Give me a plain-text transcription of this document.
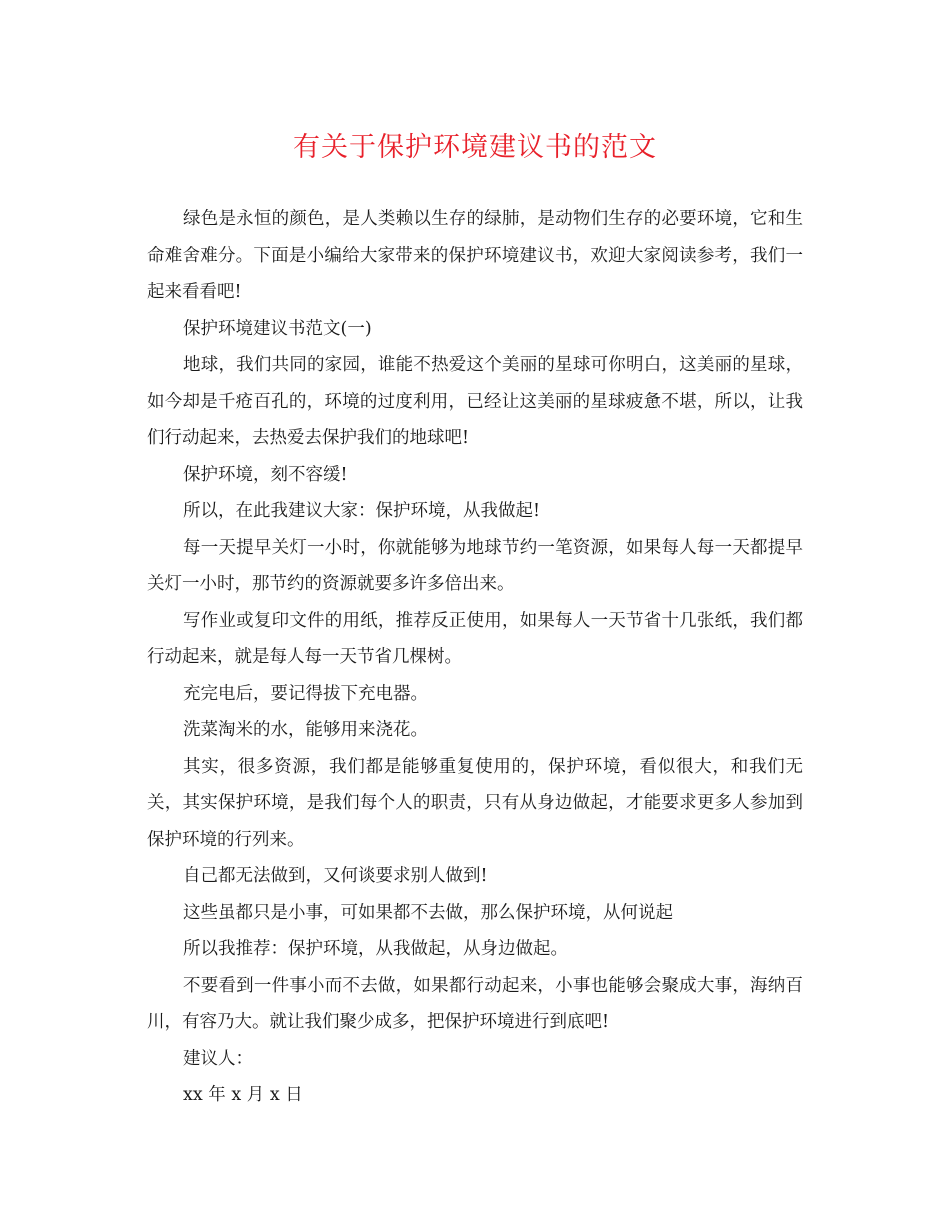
有关于保护环境建议书的范文

绿色是永恒的颜色，是人类赖以生存的绿肺，是动物们生存的必要环境，它和生命难舍难分。下面是小编给大家带来的保护环境建议书，欢迎大家阅读参考，我们一起来看看吧!

保护环境建议书范文(一)

地球，我们共同的家园，谁能不热爱这个美丽的星球可你明白，这美丽的星球，如今却是千疮百孔的，环境的过度利用，已经让这美丽的星球疲惫不堪，所以，让我们行动起来，去热爱去保护我们的地球吧!

保护环境，刻不容缓!

所以，在此我建议大家：保护环境，从我做起!

每一天提早关灯一小时，你就能够为地球节约一笔资源，如果每人每一天都提早关灯一小时，那节约的资源就要多许多倍出来。

写作业或复印文件的用纸，推荐反正使用，如果每人一天节省十几张纸，我们都行动起来，就是每人每一天节省几棵树。

充完电后，要记得拔下充电器。

洗菜淘米的水，能够用来浇花。

其实，很多资源，我们都是能够重复使用的，保护环境，看似很大，和我们无关，其实保护环境，是我们每个人的职责，只有从身边做起，才能要求更多人参加到保护环境的行列来。

自己都无法做到，又何谈要求别人做到!

这些虽都只是小事，可如果都不去做，那么保护环境，从何说起

所以我推荐：保护环境，从我做起，从身边做起。

不要看到一件事小而不去做，如果都行动起来，小事也能够会聚成大事，海纳百川，有容乃大。就让我们聚少成多，把保护环境进行到底吧!

建议人：

xx 年 x 月 x 日
